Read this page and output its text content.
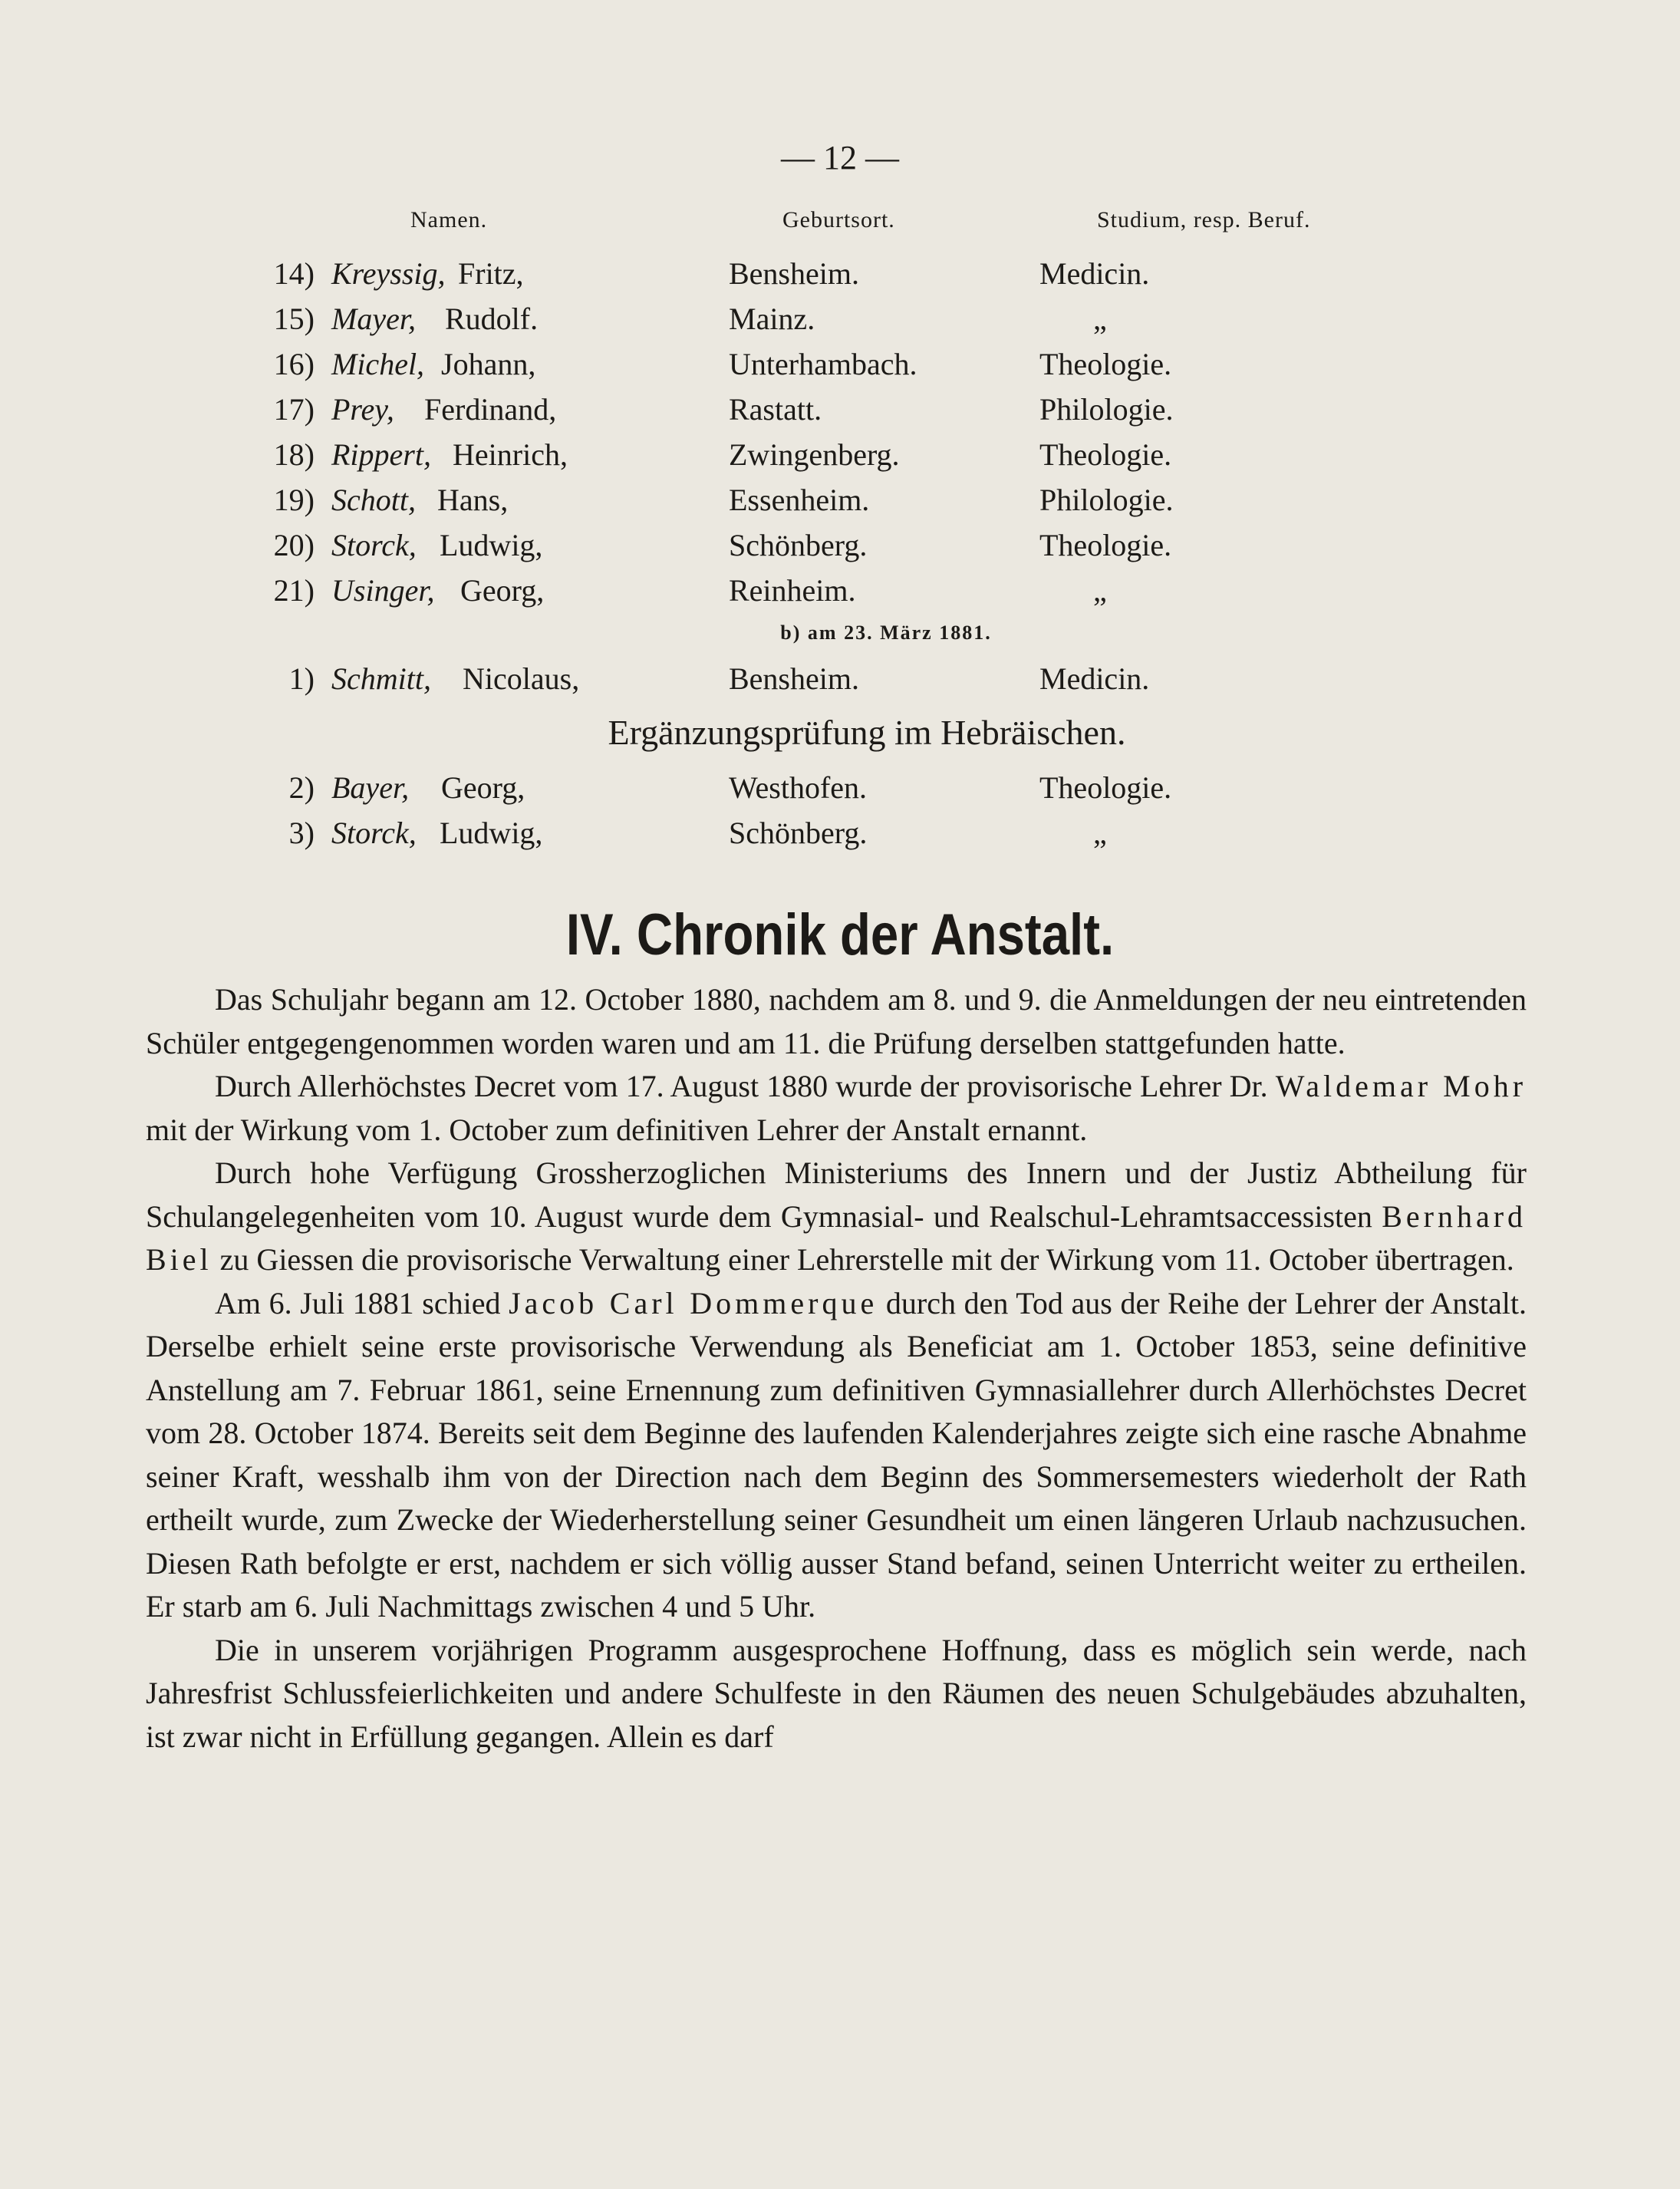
— 12 —
Namen.	Geburtsort.	Studium, resp. Beruf.
14) Kreyssig, Fritz,	Bensheim.	Medicin.
15) Mayer, Rudolf.	Mainz.	„
16) Michel, Johann,	Unterhambach.	Theologie.
17) Prey, Ferdinand,	Rastatt.	Philologie.
18) Rippert, Heinrich,	Zwingenberg.	Theologie.
19) Schott, Hans,	Essenheim.	Philologie.
20) Storck, Ludwig,	Schönberg.	Theologie.
21) Usinger, Georg,	Reinheim.	„
b) am 23. März 1881.
1) Schmitt, Nicolaus,	Bensheim.	Medicin.
Ergänzungsprüfung im Hebräischen.
2) Bayer, Georg,	Westhofen.	Theologie.
3) Storck, Ludwig,	Schönberg.	„
IV. Chronik der Anstalt.

Das Schuljahr begann am 12. October 1880, nachdem am 8. und 9. die Anmeldungen der neu eintretenden Schüler entgegengenommen worden waren und am 11. die Prüfung derselben stattgefunden hatte.

Durch Allerhöchstes Decret vom 17. August 1880 wurde der provisorische Lehrer Dr. Waldemar Mohr mit der Wirkung vom 1. October zum definitiven Lehrer der Anstalt ernannt.

Durch hohe Verfügung Grossherzoglichen Ministeriums des Innern und der Justiz Abtheilung für Schulangelegenheiten vom 10. August wurde dem Gymnasial- und Realschul-Lehramtsaccessisten Bernhard Biel zu Giessen die provisorische Verwaltung einer Lehrerstelle mit der Wirkung vom 11. October übertragen.

Am 6. Juli 1881 schied Jacob Carl Dommerque durch den Tod aus der Reihe der Lehrer der Anstalt. Derselbe erhielt seine erste provisorische Verwendung als Beneficiat am 1. October 1853, seine definitive Anstellung am 7. Februar 1861, seine Ernennung zum definitiven Gymnasiallehrer durch Allerhöchstes Decret vom 28. October 1874. Bereits seit dem Beginne des laufenden Kalenderjahres zeigte sich eine rasche Abnahme seiner Kraft, wesshalb ihm von der Direction nach dem Beginn des Sommersemesters wiederholt der Rath ertheilt wurde, zum Zwecke der Wiederherstellung seiner Gesundheit um einen längeren Urlaub nachzusuchen. Diesen Rath befolgte er erst, nachdem er sich völlig ausser Stand befand, seinen Unterricht weiter zu ertheilen. Er starb am 6. Juli Nachmittags zwischen 4 und 5 Uhr.

Die in unserem vorjährigen Programm ausgesprochene Hoffnung, dass es möglich sein werde, nach Jahresfrist Schlussfeierlichkeiten und andere Schulfeste in den Räumen des neuen Schulgebäudes abzuhalten, ist zwar nicht in Erfüllung gegangen. Allein es darf
